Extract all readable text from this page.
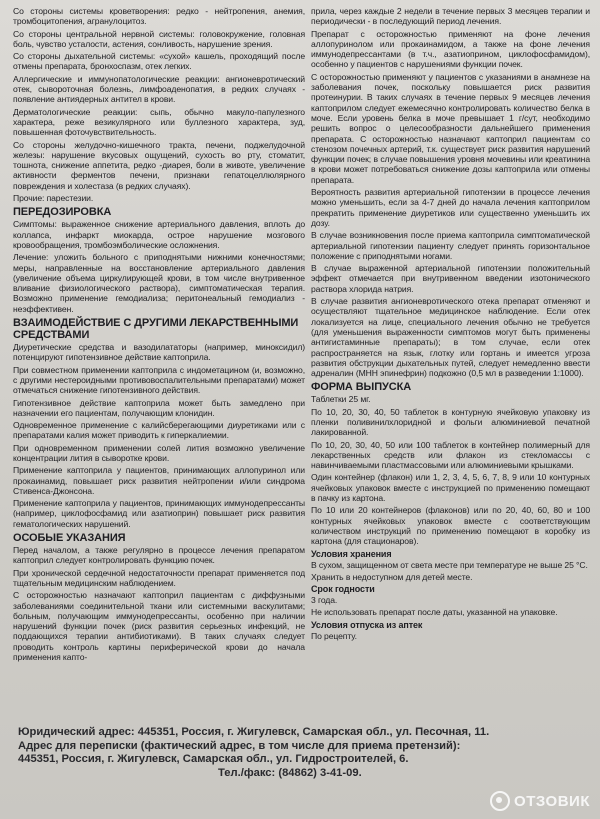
Со стороны системы кроветворения: редко - нейтропения, анемия, тромбоцитопения, агранулоцитоз.

Со стороны центральной нервной системы: головокружение, головная боль, чувство усталости, астения, сонливость, нарушение зрения.

Со стороны дыхательной системы: «сухой» кашель, проходящий после отмены препарата, бронхоспазм, отек легких.

Аллергические и иммунопатологические реакции: ангионевротический отек, сывороточная болезнь, лимфоаденопатия, в редких случаях - появление антиядерных антител в крови.

Дерматологические реакции: сыпь, обычно макуло-папулезного характера, реже везикулярного или буллезного характера, зуд, повышенная фоточувствительность.

Со стороны желудочно-кишечного тракта, печени, поджелудочной железы: нарушение вкусовых ощущений, сухость во рту, стоматит, тошнота, снижение аппетита, редко -диарея, боли в животе, увеличение активности ферментов печени, признаки гепатоцеллюлярного повреждения и холестаза (в редких случаях).

Прочие: парестезии.

ПЕРЕДОЗИРОВКА

Симптомы: выраженное снижение артериального давления, вплоть до коллапса, инфаркт миокарда, острое нарушение мозгового кровообращения, тромбоэмболические осложнения.

Лечение: уложить больного с приподнятыми нижними конечностями; меры, направленные на восстановление артериального давления (увеличение объема циркулирующей крови, в том числе внутривенное вливание физиологического раствора), симптоматическая терапия. Возможно применение гемодиализа; перитонеальный гемодиализ - неэффективен.

ВЗАИМОДЕЙСТВИЕ С ДРУГИМИ ЛЕКАРСТВЕННЫМИ СРЕДСТВАМИ

Диуретические средства и вазодилататоры (например, миноксидил) потенцируют гипотензивное действие каптоприла.

При совместном применении каптоприла с индометацином (и, возможно, с другими нестероидными противовоспалительными препаратами) может отмечаться снижение гипотензивного действия.

Гипотензивное действие каптоприла может быть замедлено при назначении его пациентам, получающим клонидин.

Одновременное применение с калийсберегающими диуретиками или с препаратами калия может приводить к гиперкалиемии.

При одновременном применении солей лития возможно увеличение концентрации лития в сыворотке крови.

Применение каптоприла у пациентов, принимающих аллопуринол или прокаинамид, повышает риск развития нейтропении и/или синдрома Стивенса-Джонсона.

Применение каптоприла у пациентов, принимающих иммунодепрессанты (например, циклофосфамид или азатиоприн) повышает риск развития гематологических нарушений.

ОСОБЫЕ УКАЗАНИЯ

Перед началом, а также регулярно в процессе лечения препаратом каптоприл следует контролировать функцию почек.

При хронической сердечной недостаточности препарат применяется под тщательным медицинским наблюдением.

С осторожностью назначают каптоприл пациентам с диффузными заболеваниями соединительной ткани или системными васкулитами; больным, получающим иммунодепрессанты, особенно при наличии нарушений функции почек (риск развития серьезных инфекций, не поддающихся терапии антибиотиками). В таких случаях следует проводить контроль картины периферической крови до начала применения капто-

прила, через каждые 2 недели в течение первых 3 месяцев терапии и периодически - в последующий период лечения.

Препарат с осторожностью применяют на фоне лечения аллопуринолом или прокаинамидом, а также на фоне лечения иммунодепрессантами (в т.ч., азатиоприном, циклофосфамидом), особенно у пациентов с нарушениями функции почек.

С осторожностью применяют у пациентов с указаниями в анамнезе на заболевания почек, поскольку повышается риск развития протеинурии. В таких случаях в течение первых 9 месяцев лечения каптоприлом следует ежемесячно контролировать количество белка в моче. Если уровень белка в моче превышает 1 г/сут, необходимо решить вопрос о целесообразности дальнейшего применения препарата. С осторожностью назначают каптоприл пациентам со стенозом почечных артерий, т.к. существует риск развития нарушений функции почек; в случае повышения уровня мочевины или креатинина в крови может потребоваться снижение дозы каптоприла или отмены препарата.

Вероятность развития артериальной гипотензии в процессе лечения можно уменьшить, если за 4-7 дней до начала лечения каптоприлом прекратить применение диуретиков или существенно уменьшить их дозу.

В случае возникновения после приема каптоприла симптоматической артериальной гипотензии пациенту следует принять горизонтальное положение с приподнятыми ногами.

В случае выраженной артериальной гипотензии положительный эффект отмечается при внутривенном введении изотонического раствора хлорида натрия.

В случае развития ангионевротического отека препарат отменяют и осуществляют тщательное медицинское наблюдение. Если отек локализуется на лице, специального лечения обычно не требуется (для уменьшения выраженности симптомов могут быть применены антигистаминные препараты); в том случае, если отек распространяется на язык, глотку или гортань и имеется угроза развития обструкции дыхательных путей, следует немедленно ввести адреналин (МНН эпинефрин) подкожно (0,5 мл в разведении 1:1000).

ФОРМА ВЫПУСКА

Таблетки 25 мг.

По 10, 20, 30, 40, 50 таблеток в контурную ячейковую упаковку из пленки поливинилхлоридной и фольги алюминиевой печатной лакированной.

По 10, 20, 30, 40, 50 или 100 таблеток в контейнер полимерный для лекарственных средств или флакон из стекломассы с навинчиваемыми пластмассовыми или алюминиевыми крышками.

Один контейнер (флакон) или 1, 2, 3, 4, 5, 6, 7, 8, 9 или 10 контурных ячейковых упаковок вместе с инструкцией по применению помещают в пачку из картона.

По 10 или 20 контейнеров (флаконов) или по 20, 40, 60, 80 и 100 контурных ячейковых упаковок вместе с соответствующим количеством инструкций по применению помещают в коробку из картона (для стационаров).

Условия хранения

В сухом, защищенном от света месте при температуре не выше 25 °С.

Хранить в недоступном для детей месте.

Срок годности

3 года.

Не использовать препарат после даты, указанной на упаковке.

Условия отпуска из аптек

По рецепту.

Юридический адрес: 445351, Россия, г. Жигулевск, Самарская обл., ул. Песочная, 11.
Адрес для переписки (фактический адрес, в том числе для приема претензий):
445351, Россия, г. Жигулевск, Самарская обл., ул. Гидростроителей, 6.
Тел./факс: (84862) 3-41-09.
ОТЗОВИК
